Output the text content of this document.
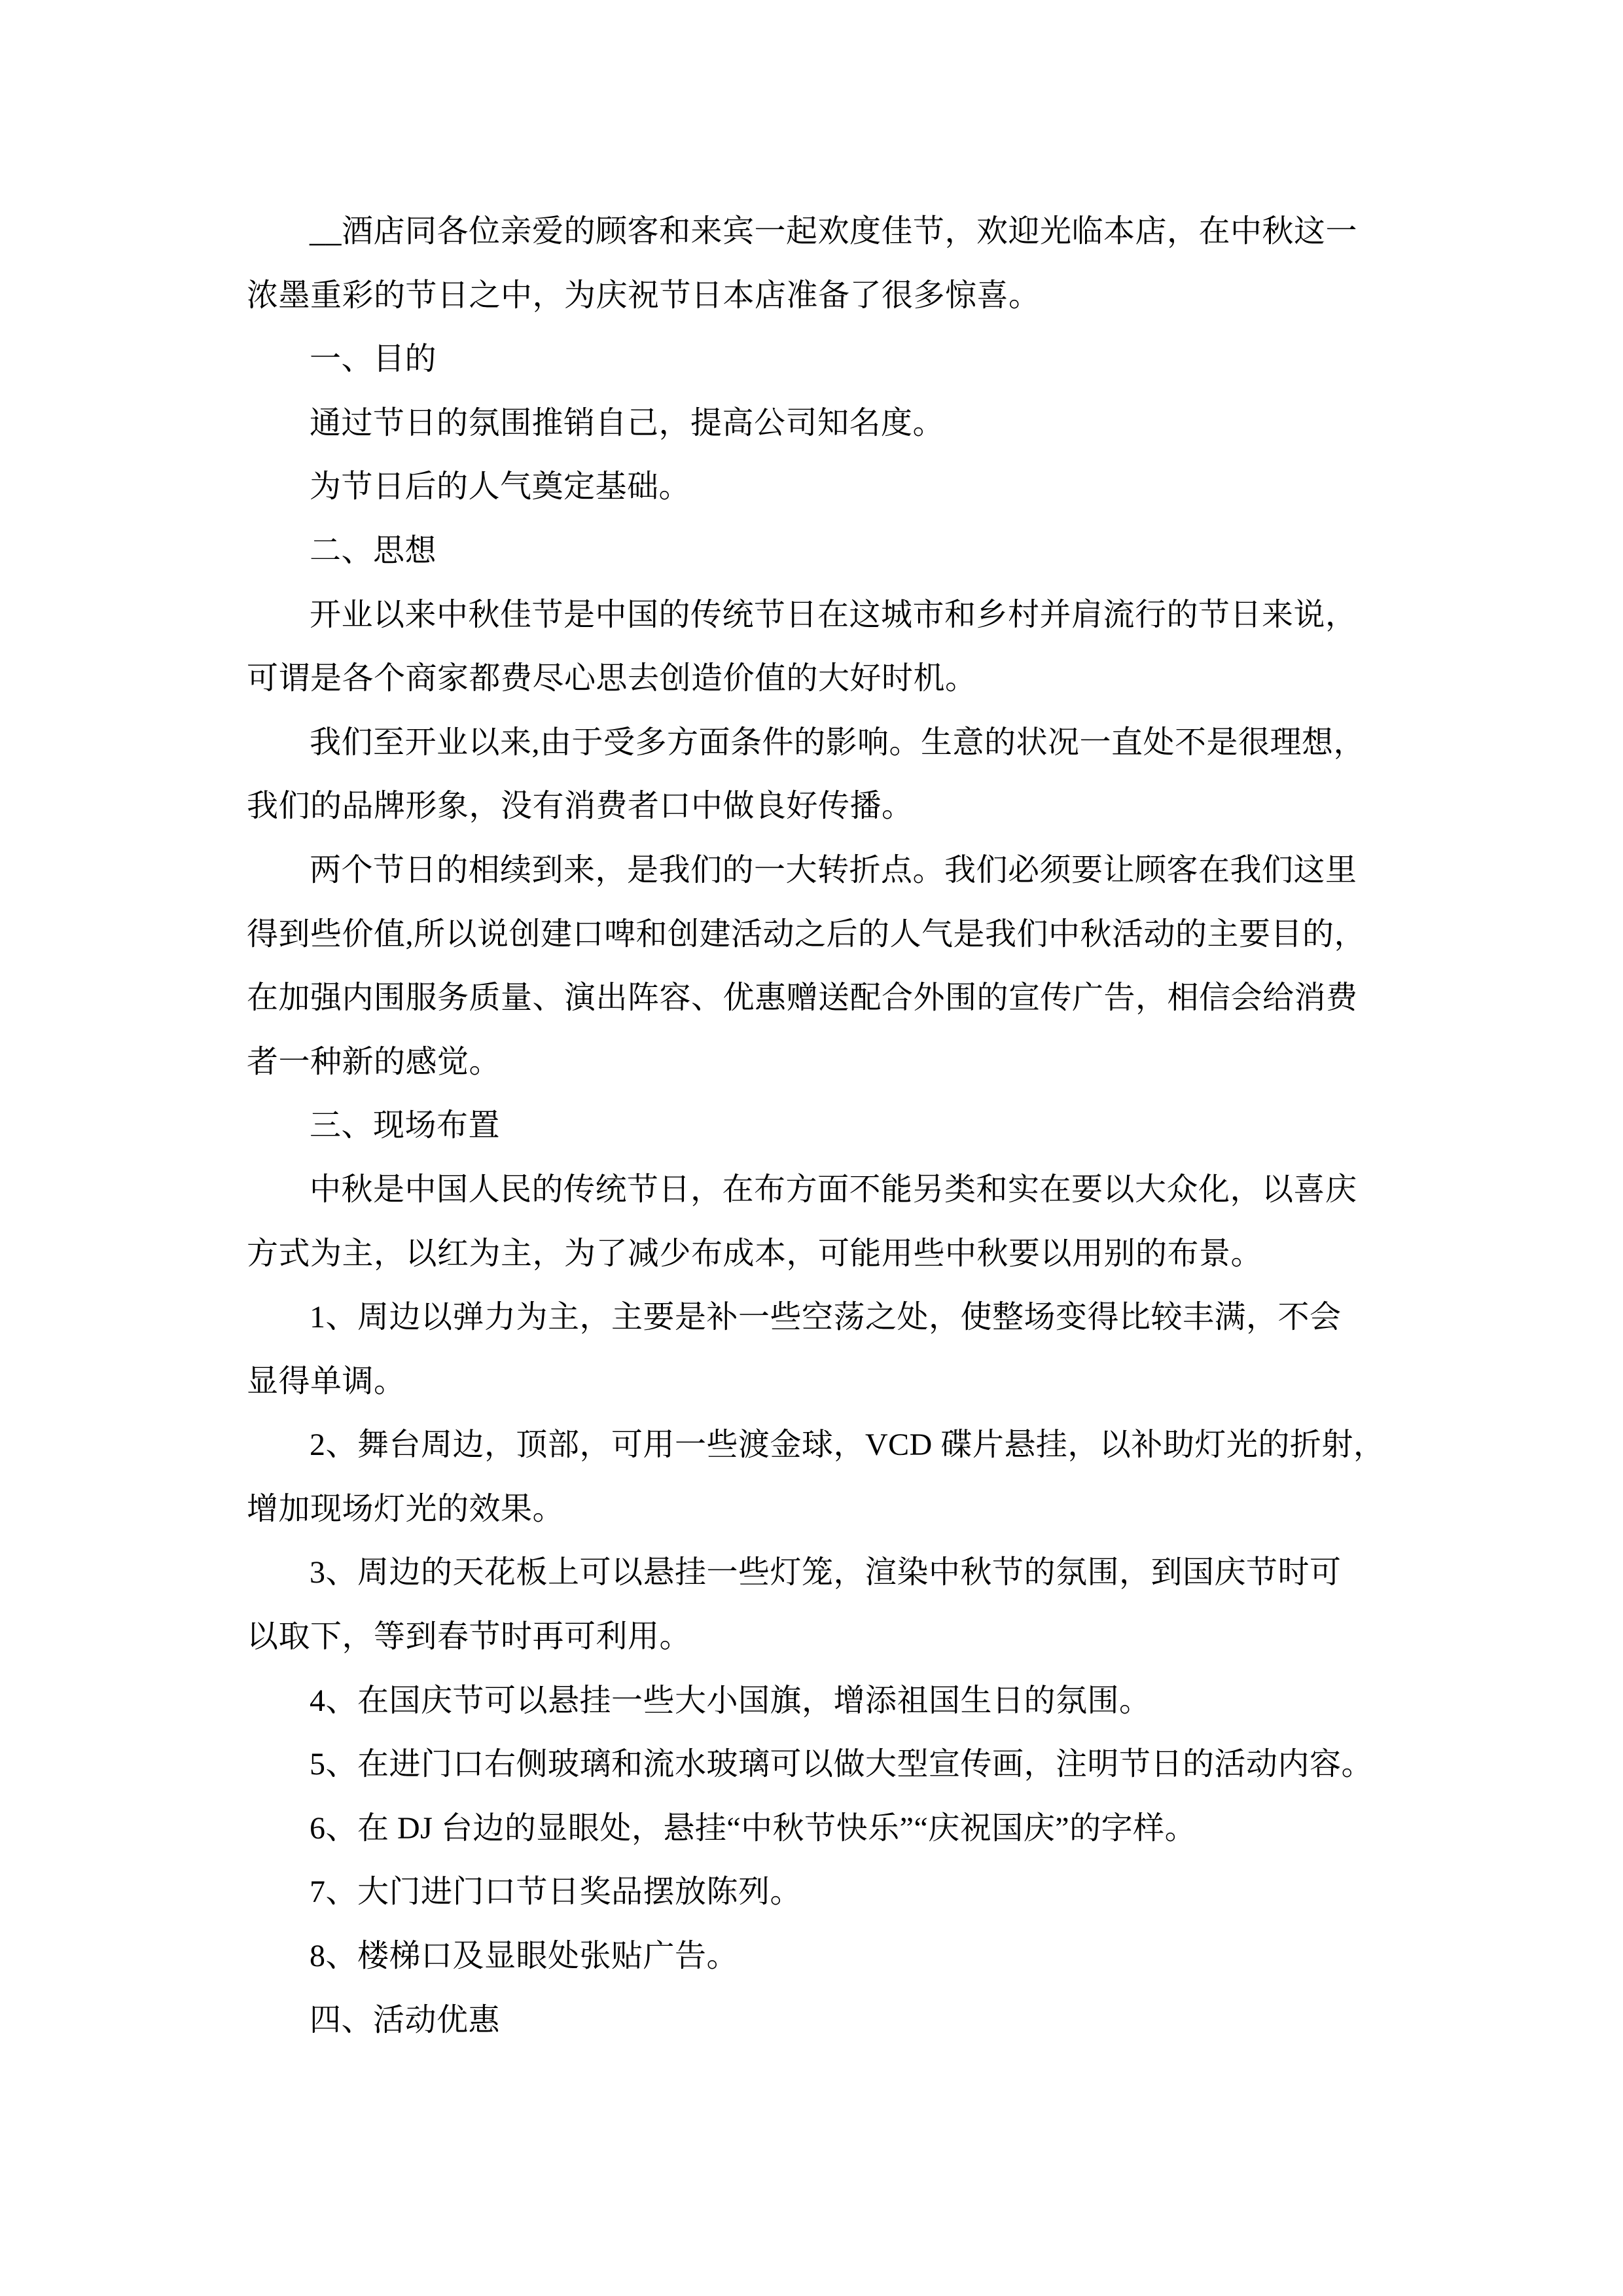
__酒店同各位亲爱的顾客和来宾一起欢度佳节，欢迎光临本店，在中秋这一
浓墨重彩的节日之中，为庆祝节日本店准备了很多惊喜。
一、目的
通过节日的氛围推销自己，提高公司知名度。
为节日后的人气奠定基础。
二、思想
开业以来中秋佳节是中国的传统节日在这城市和乡村并肩流行的节日来说，
可谓是各个商家都费尽心思去创造价值的大好时机。
我们至开业以来,由于受多方面条件的影响。生意的状况一直处不是很理想，
我们的品牌形象，没有消费者口中做良好传播。
两个节日的相续到来，是我们的一大转折点。我们必须要让顾客在我们这里
得到些价值,所以说创建口啤和创建活动之后的人气是我们中秋活动的主要目的，
在加强内围服务质量、演出阵容、优惠赠送配合外围的宣传广告，相信会给消费
者一种新的感觉。
三、现场布置
中秋是中国人民的传统节日，在布方面不能另类和实在要以大众化，以喜庆
方式为主，以红为主，为了减少布成本，可能用些中秋要以用别的布景。
1、周边以弹力为主，主要是补一些空荡之处，使整场变得比较丰满，不会
显得单调。
2、舞台周边，顶部，可用一些渡金球，VCD 碟片悬挂，以补助灯光的折射，
增加现场灯光的效果。
3、周边的天花板上可以悬挂一些灯笼，渲染中秋节的氛围，到国庆节时可
以取下，等到春节时再可利用。
4、在国庆节可以悬挂一些大小国旗，增添祖国生日的氛围。
5、在进门口右侧玻璃和流水玻璃可以做大型宣传画，注明节日的活动内容。
6、在 DJ 台边的显眼处，悬挂“中秋节快乐”“庆祝国庆”的字样。
7、大门进门口节日奖品摆放陈列。
8、楼梯口及显眼处张贴广告。
四、活动优惠
